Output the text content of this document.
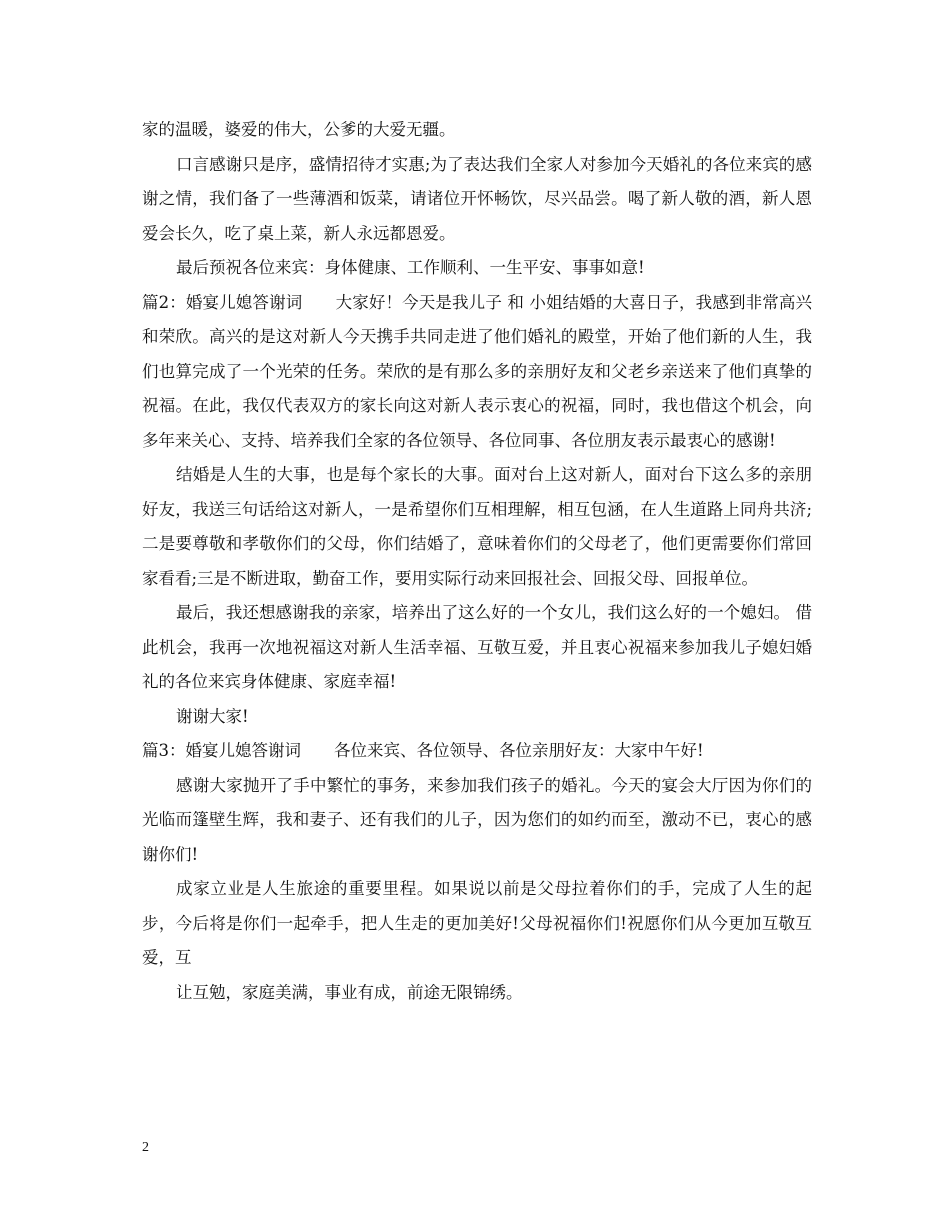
家的温暖，婆爱的伟大，公爹的大爱无疆。

口言感谢只是序，盛情招待才实惠;为了表达我们全家人对参加今天婚礼的各位来宾的感谢之情，我们备了一些薄酒和饭菜，请诸位开怀畅饮，尽兴品尝。喝了新人敬的酒，新人恩爱会长久，吃了桌上菜，新人永远都恩爱。

最后预祝各位来宾：身体健康、工作顺利、一生平安、事事如意!

篇2：婚宴儿媳答谢词　　大家好！今天是我儿子 和 小姐结婚的大喜日子，我感到非常高兴和荣欣。高兴的是这对新人今天携手共同走进了他们婚礼的殿堂，开始了他们新的人生，我们也算完成了一个光荣的任务。荣欣的是有那么多的亲朋好友和父老乡亲送来了他们真挚的祝福。在此，我仅代表双方的家长向这对新人表示衷心的祝福，同时，我也借这个机会，向多年来关心、支持、培养我们全家的各位领导、各位同事、各位朋友表示最衷心的感谢!

结婚是人生的大事，也是每个家长的大事。面对台上这对新人，面对台下这么多的亲朋好友，我送三句话给这对新人，一是希望你们互相理解，相互包涵，在人生道路上同舟共济;二是要尊敬和孝敬你们的父母，你们结婚了，意味着你们的父母老了，他们更需要你们常回家看看;三是不断进取，勤奋工作，要用实际行动来回报社会、回报父母、回报单位。

最后，我还想感谢我的亲家，培养出了这么好的一个女儿，我们这么好的一个媳妇。 借此机会，我再一次地祝福这对新人生活幸福、互敬互爱，并且衷心祝福来参加我儿子媳妇婚礼的各位来宾身体健康、家庭幸福!

谢谢大家!

篇3：婚宴儿媳答谢词　　各位来宾、各位领导、各位亲朋好友：大家中午好!

感谢大家抛开了手中繁忙的事务，来参加我们孩子的婚礼。今天的宴会大厅因为你们的光临而篷壁生辉，我和妻子、还有我们的儿子，因为您们的如约而至，激动不已，衷心的感谢你们!

成家立业是人生旅途的重要里程。如果说以前是父母拉着你们的手，完成了人生的起步，今后将是你们一起牵手，把人生走的更加美好!父母祝福你们!祝愿你们从今更加互敬互爱，互

让互勉，家庭美满，事业有成，前途无限锦绣。

2
